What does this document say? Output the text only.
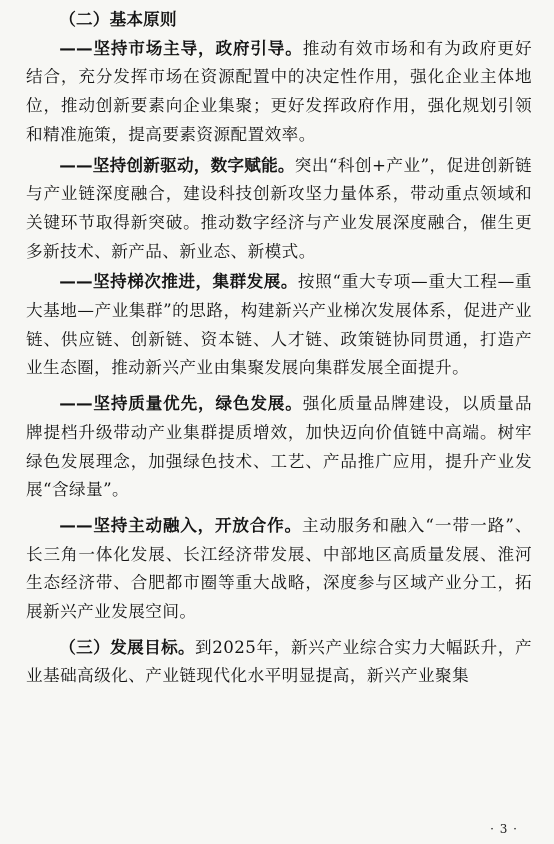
（二）基本原则

——坚持市场主导，政府引导。推动有效市场和有为政府更好结合，充分发挥市场在资源配置中的决定性作用，强化企业主体地位，推动创新要素向企业集聚；更好发挥政府作用，强化规划引领和精准施策，提高要素资源配置效率。

——坚持创新驱动，数字赋能。突出“科创+产业”，促进创新链与产业链深度融合，建设科技创新攻坚力量体系，带动重点领域和关键环节取得新突破。推动数字经济与产业发展深度融合，催生更多新技术、新产品、新业态、新模式。

——坚持梯次推进，集群发展。按照“重大专项—重大工程—重大基地—产业集群”的思路，构建新兴产业梯次发展体系，促进产业链、供应链、创新链、资本链、人才链、政策链协同贯通，打造产业生态圈，推动新兴产业由集聚发展向集群发展全面提升。

——坚持质量优先，绿色发展。强化质量品牌建设，以质量品牌提档升级带动产业集群提质增效，加快迈向价值链中高端。树牢绿色发展理念，加强绿色技术、工艺、产品推广应用，提升产业发展“含绿量”。

——坚持主动融入，开放合作。主动服务和融入“一带一路”、长三角一体化发展、长江经济带发展、中部地区高质量发展、淮河生态经济带、合肥都市圈等重大战略，深度参与区域产业分工，拓展新兴产业发展空间。

（三）发展目标。到2025年，新兴产业综合实力大幅跃升，产业基础高级化、产业链现代化水平明显提高，新兴产业聚集

· 3 ·
